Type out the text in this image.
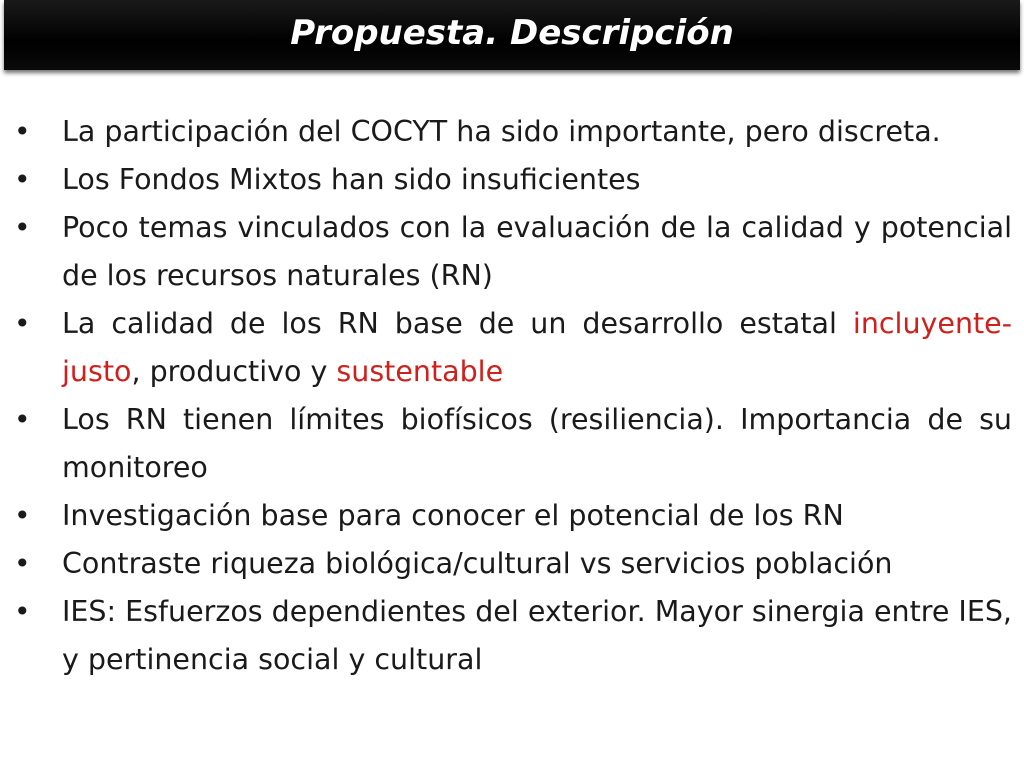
Propuesta. Descripción
• La participación del COCYT ha sido importante, pero discreta.
• Los Fondos Mixtos han sido insuficientes
• Poco temas vinculados con la evaluación de la calidad y potencial de los recursos naturales (RN)
• La calidad de los RN base de un desarrollo estatal incluyente-justo, productivo y sustentable
• Los RN tienen límites biofísicos (resiliencia). Importancia de su monitoreo
• Investigación base para conocer el potencial de los RN
• Contraste riqueza biológica/cultural vs servicios población
• IES: Esfuerzos dependientes del exterior. Mayor sinergia entre IES, y pertinencia social y cultural
